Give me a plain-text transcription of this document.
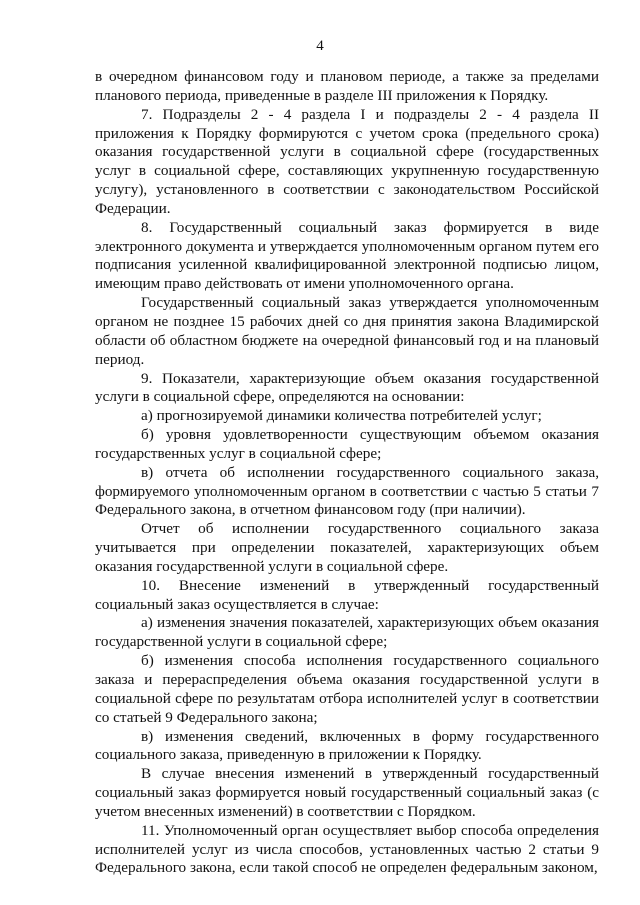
4

в очередном финансовом году и плановом периоде, а также за пределами планового периода, приведенные в разделе III приложения к Порядку.

7. Подразделы 2 - 4 раздела I и подразделы 2 - 4 раздела II приложения к Порядку формируются с учетом срока (предельного срока) оказания государственной услуги в социальной сфере (государственных услуг в социальной сфере, составляющих укрупненную государственную услугу), установленного в соответствии с законодательством Российской Федерации.

8. Государственный социальный заказ формируется в виде электронного документа и утверждается уполномоченным органом путем его подписания усиленной квалифицированной электронной подписью лицом, имеющим право действовать от имени уполномоченного органа.

Государственный социальный заказ утверждается уполномоченным органом не позднее 15 рабочих дней со дня принятия закона Владимирской области об областном бюджете на очередной финансовый год и на плановый период.

9. Показатели, характеризующие объем оказания государственной услуги в социальной сфере, определяются на основании:

а) прогнозируемой динамики количества потребителей услуг;

б) уровня удовлетворенности существующим объемом оказания государственных услуг в социальной сфере;

в) отчета об исполнении государственного социального заказа, формируемого уполномоченным органом в соответствии с частью 5 статьи 7 Федерального закона, в отчетном финансовом году (при наличии).

Отчет об исполнении государственного социального заказа учитывается при определении показателей, характеризующих объем оказания государственной услуги в социальной сфере.

10. Внесение изменений в утвержденный государственный социальный заказ осуществляется в случае:

а) изменения значения показателей, характеризующих объем оказания государственной услуги в социальной сфере;

б) изменения способа исполнения государственного социального заказа и перераспределения объема оказания государственной услуги в социальной сфере по результатам отбора исполнителей услуг в соответствии со статьей 9 Федерального закона;

в) изменения сведений, включенных в форму государственного социального заказа, приведенную в приложении к Порядку.

В случае внесения изменений в утвержденный государственный социальный заказ формируется новый государственный социальный заказ (с учетом внесенных изменений) в соответствии с Порядком.

11. Уполномоченный орган осуществляет выбор способа определения исполнителей услуг из числа способов, установленных частью 2 статьи 9 Федерального закона, если такой способ не определен федеральным законом,
